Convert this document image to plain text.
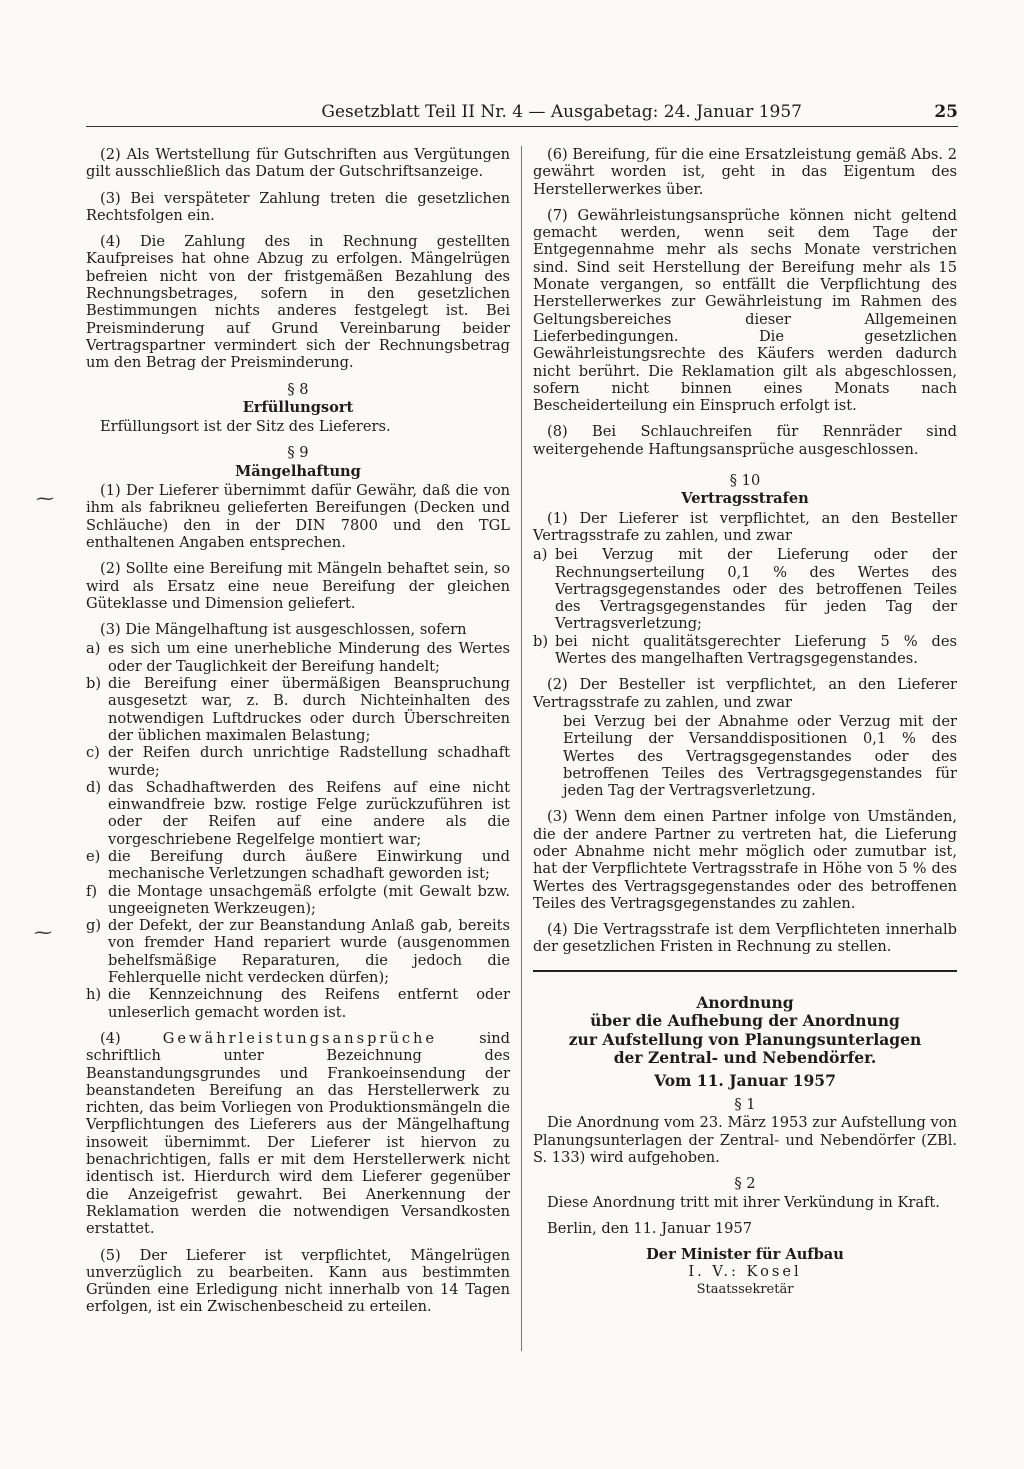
Gesetzblatt Teil II Nr. 4 — Ausgabetag: 24. Januar 1957	25
⁓
⁓

(2) Als Wertstellung für Gutschriften aus Vergütungen gilt ausschließlich das Datum der Gutschriftsanzeige.

(3) Bei verspäteter Zahlung treten die gesetzlichen Rechtsfolgen ein.

(4) Die Zahlung des in Rechnung gestellten Kaufpreises hat ohne Abzug zu erfolgen. Mängelrügen befreien nicht von der fristgemäßen Bezahlung des Rechnungsbetrages, sofern in den gesetzlichen Bestimmungen nichts anderes festgelegt ist. Bei Preisminderung auf Grund Vereinbarung beider Vertragspartner vermindert sich der Rechnungsbetrag um den Betrag der Preisminderung.

§ 8
Erfüllungsort

Erfüllungsort ist der Sitz des Lieferers.

§ 9
Mängelhaftung

(1) Der Lieferer übernimmt dafür Gewähr, daß die von ihm als fabrikneu gelieferten Bereifungen (Decken und Schläuche) den in der DIN 7800 und den TGL enthaltenen Angaben entsprechen.

(2) Sollte eine Bereifung mit Mängeln behaftet sein, so wird als Ersatz eine neue Bereifung der gleichen Güteklasse und Dimension geliefert.

(3) Die Mängelhaftung ist ausgeschlossen, sofern

a) es sich um eine unerhebliche Minderung des Wertes oder der Tauglichkeit der Bereifung handelt;
b) die Bereifung einer übermäßigen Beanspruchung ausgesetzt war, z. B. durch Nichteinhalten des notwendigen Luftdruckes oder durch Überschreiten der üblichen maximalen Belastung;
c) der Reifen durch unrichtige Radstellung schadhaft wurde;
d) das Schadhaftwerden des Reifens auf eine nicht einwandfreie bzw. rostige Felge zurückzuführen ist oder der Reifen auf eine andere als die vorgeschriebene Regelfelge montiert war;
e) die Bereifung durch äußere Einwirkung und mechanische Verletzungen schadhaft geworden ist;
f) die Montage unsachgemäß erfolgte (mit Gewalt bzw. ungeeigneten Werkzeugen);
g) der Defekt, der zur Beanstandung Anlaß gab, bereits von fremder Hand repariert wurde (ausgenommen behelfsmäßige Reparaturen, die jedoch die Fehlerquelle nicht verdecken dürfen);
h) die Kennzeichnung des Reifens entfernt oder unleserlich gemacht worden ist.

(4)	Gewährleistungsansprüche	sind schriftlich unter Bezeichnung des Beanstandungsgrundes und Frankoeinsendung der beanstandeten Bereifung an das Herstellerwerk zu richten, das beim Vorliegen von Produktionsmängeln die Verpflichtungen des Lieferers aus der Mängelhaftung insoweit übernimmt. Der Lieferer ist hiervon zu benachrichtigen, falls er mit dem Herstellerwerk nicht identisch ist. Hierdurch wird dem Lieferer gegenüber die Anzeigefrist gewahrt. Bei Anerkennung der Reklamation werden die notwendigen Versandkosten erstattet.

(5) Der Lieferer ist verpflichtet, Mängelrügen unverzüglich zu bearbeiten. Kann aus bestimmten Gründen eine Erledigung nicht innerhalb von 14 Tagen erfolgen, ist ein Zwischenbescheid zu erteilen.

(6) Bereifung, für die eine Ersatzleistung gemäß Abs. 2 gewährt worden ist, geht in das Eigentum des Herstellerwerkes über.

(7) Gewährleistungsansprüche können nicht geltend gemacht werden, wenn seit dem Tage der Entgegennahme mehr als sechs Monate verstrichen sind. Sind seit Herstellung der Bereifung mehr als 15 Monate vergangen, so entfällt die Verpflichtung des Herstellerwerkes zur Gewährleistung im Rahmen des Geltungsbereiches dieser Allgemeinen Lieferbedingungen. Die gesetzlichen Gewährleistungsrechte des Käufers werden dadurch nicht berührt. Die Reklamation gilt als abgeschlossen, sofern nicht binnen eines Monats nach Bescheiderteilung ein Einspruch erfolgt ist.

(8) Bei Schlauchreifen für Rennräder sind weitergehende Haftungsansprüche ausgeschlossen.

§ 10
Vertragsstrafen

(1) Der Lieferer ist verpflichtet, an den Besteller Vertragsstrafe zu zahlen, und zwar

a) bei Verzug mit der Lieferung oder der Rechnungserteilung 0,1 % des Wertes des Vertragsgegenstandes oder des betroffenen Teiles des Vertragsgegenstandes für jeden Tag der Vertragsverletzung;
b) bei nicht qualitätsgerechter Lieferung 5 % des Wertes des mangelhaften Vertragsgegenstandes.

(2) Der Besteller ist verpflichtet, an den Lieferer Vertragsstrafe zu zahlen, und zwar

bei Verzug bei der Abnahme oder Verzug mit der Erteilung der Versanddispositionen 0,1 % des Wertes des Vertragsgegenstandes oder des betroffenen Teiles des Vertragsgegenstandes für jeden Tag der Vertragsverletzung.

(3) Wenn dem einen Partner infolge von Umständen, die der andere Partner zu vertreten hat, die Lieferung oder Abnahme nicht mehr möglich oder zumutbar ist, hat der Verpflichtete Vertragsstrafe in Höhe von 5 % des Wertes des Vertragsgegenstandes oder des betroffenen Teiles des Vertragsgegenstandes zu zahlen.

(4) Die Vertragsstrafe ist dem Verpflichteten innerhalb der gesetzlichen Fristen in Rechnung zu stellen.

Anordnung

über die Aufhebung der Anordnung

zur Aufstellung von Planungsunterlagen

der Zentral- und Nebendörfer.

Vom 11. Januar 1957
§ 1

Die Anordnung vom 23. März 1953 zur Aufstellung von Planungsunterlagen der Zentral- und Nebendörfer (ZBl. S. 133) wird aufgehoben.

§ 2

Diese Anordnung tritt mit ihrer Verkündung in Kraft.

Berlin, den 11. Januar 1957

Der Minister für Aufbau
I. V.: Kosel
Staatssekretär
